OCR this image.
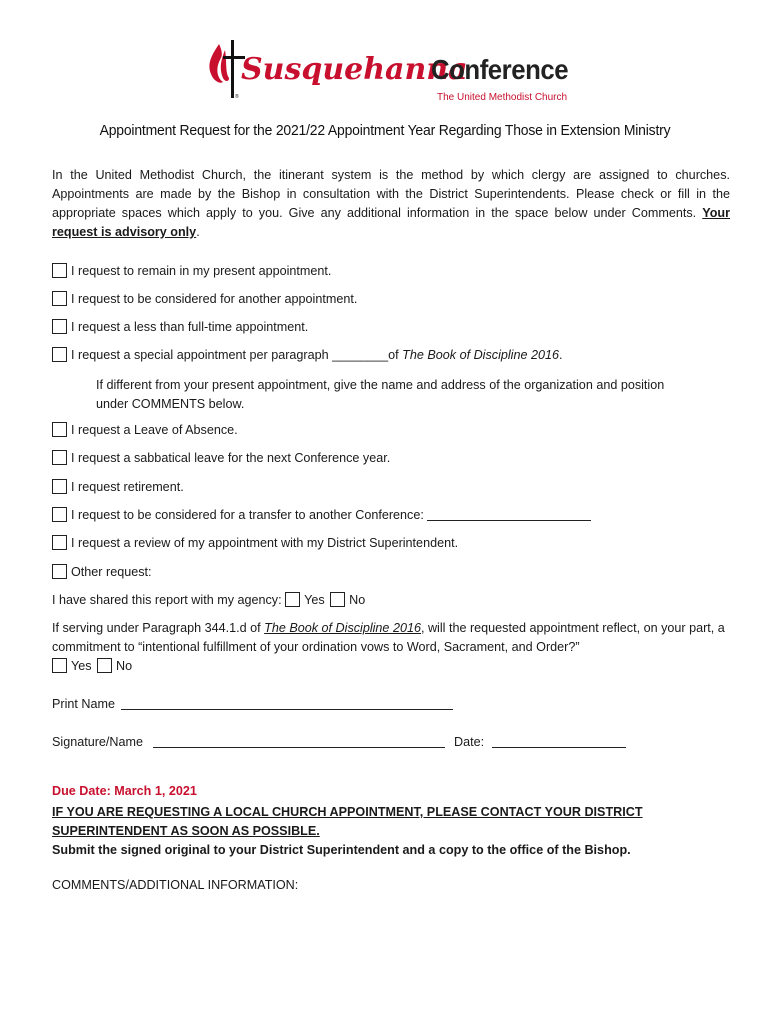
®
Susquehanna
Conference
The United Methodist Church
Appointment Request for the 2021/22 Appointment Year Regarding Those in Extension Ministry
In the United Methodist Church, the itinerant system is the method by which clergy are assigned to churches. Appointments are made by the Bishop in consultation with the District Superintendents. Please check or fill in the appropriate spaces which apply to you. Give any additional information in the space below under Comments. Your request is advisory only.
I request to remain in my present appointment.
I request to be considered for another appointment.
I request a less than full-time appointment.
I request a special appointment per paragraph ________of The Book of Discipline 2016.
If different from your present appointment, give the name and address of the organization and position under COMMENTS below.
I request a Leave of Absence.
I request a sabbatical leave for the next Conference year.
I request retirement.
I request to be considered for a transfer to another Conference:
I request a review of my appointment with my District Superintendent.
Other request:
I have shared this report with my agency: Yes No
If serving under Paragraph 344.1.d of The Book of Discipline 2016, will the requested appointment reflect, on your part, a commitment to “intentional fulfillment of your ordination vows to Word, Sacrament, and Order?”
Yes No
Print Name
Signature/Name	Date:
Due Date: March 1, 2021
IF YOU ARE REQUESTING A LOCAL CHURCH APPOINTMENT, PLEASE CONTACT YOUR DISTRICT SUPERINTENDENT AS SOON AS POSSIBLE.
Submit the signed original to your District Superintendent and a copy to the office of the Bishop.
COMMENTS/ADDITIONAL INFORMATION:
